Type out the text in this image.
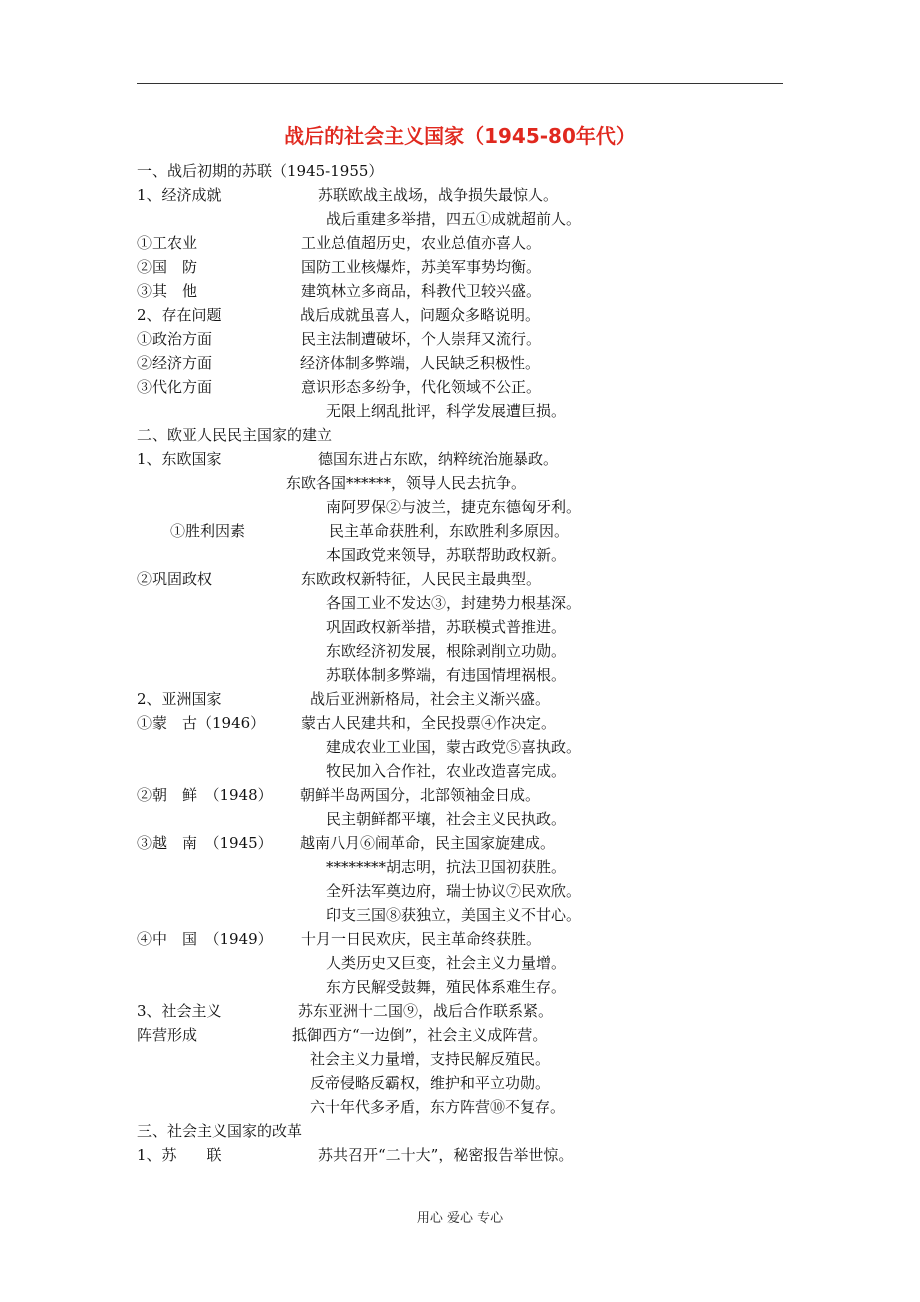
战后的社会主义国家（1945-80年代）
一、战后初期的苏联（1945-1955）
1、经济成就	苏联欧战主战场，战争损失最惊人。
战后重建多举措，四五①成就超前人。
①工农业	工业总值超历史，农业总值亦喜人。
②国　防	国防工业核爆炸，苏美军事势均衡。
③其　他	建筑林立多商品，科教代卫较兴盛。
2、存在问题	战后成就虽喜人，问题众多略说明。
①政治方面	民主法制遭破坏，个人崇拜又流行。
②经济方面	经济体制多弊端，人民缺乏积极性。
③代化方面	意识形态多纷争，代化领域不公正。
无限上纲乱批评，科学发展遭巨损。
二、欧亚人民民主国家的建立
1、东欧国家	德国东进占东欧，纳粹统治施暴政。
东欧各国******，领导人民去抗争。
南阿罗保②与波兰，捷克东德匈牙利。
①胜利因素	民主革命获胜利，东欧胜利多原因。
本国政党来领导，苏联帮助政权新。
②巩固政权	东欧政权新特征，人民民主最典型。
各国工业不发达③，封建势力根基深。
巩固政权新举措，苏联模式普推进。
东欧经济初发展，根除剥削立功勋。
苏联体制多弊端，有违国情埋祸根。
2、亚洲国家	战后亚洲新格局，社会主义渐兴盛。
①蒙　古（1946） 蒙古人民建共和，全民投票④作决定。
建成农业工业国，蒙古政党⑤喜执政。
牧民加入合作社，农业改造喜完成。
②朝　鲜　（1948） 朝鲜半岛两国分，北部领袖金日成。
民主朝鲜都平壤，社会主义民执政。
③越　南　（1945） 越南八月⑥闹革命，民主国家旋建成。
********胡志明，抗法卫国初获胜。
全歼法军奠边府，瑞士协议⑦民欢欣。
印支三国⑧获独立，美国主义不甘心。
④中　国　（1949） 十月一日民欢庆，民主革命终获胜。
人类历史又巨变，社会主义力量增。
东方民解受鼓舞，殖民体系难生存。
3、社会主义	苏东亚洲十二国⑨，战后合作联系紧。
阵营形成	抵御西方“一边倒”，社会主义成阵营。
社会主义力量增，支持民解反殖民。
反帝侵略反霸权，维护和平立功勋。
六十年代多矛盾，东方阵营⑩不复存。
三、社会主义国家的改革
1、苏　　联	苏共召开“二十大”，秘密报告举世惊。
用心 爱心 专心
